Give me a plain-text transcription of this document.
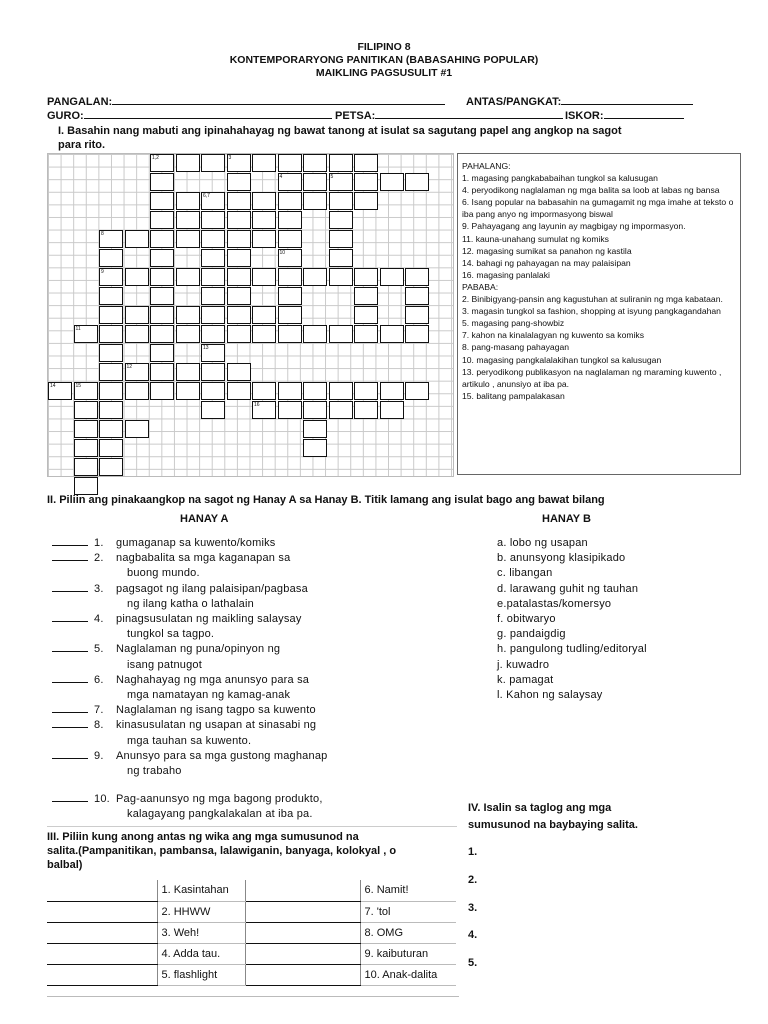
FILIPINO 8
KONTEMPORARYONG PANITIKAN (BABASAHING POPULAR)
MAIKLING PAGSUSULIT #1
PANGALAN:	ANTAS/PANGKAT:
GURO:	PETSA:	ISKOR:
I. Basahin nang mabuti ang ipinahahayag ng bawat tanong at isulat sa sagutang papel ang angkop na sagot
para rito.
1,2	3
4	5
6,7
8
9
10
11
12
13
14	15
16
PAHALANG:
1. magasing pangkababaihan tungkol sa kalusugan
4. peryodikong naglalaman ng mga balita sa loob at labas ng bansa
6. Isang popular na babasahin na gumagamit ng mga imahe at teksto o
iba pang anyo ng impormasyong biswal
9. Pahayagang ang layunin ay magbigay ng impormasyon.
11. kauna-unahang sumulat ng komiks
12. magasing sumikat sa panahon ng kastila
14. bahagi ng pahayagan na may palaisipan
16. magasing panlalaki
PABABA:
2. Binibigyang-pansin ang kagustuhan at suliranin ng mga kabataan.
3. magasin tungkol sa fashion, shopping at isyung pangkagandahan
5. magasing pang-showbiz
7. kahon na kinalalagyan ng kuwento sa komiks
8. pang-masang pahayagan
10. magasing pangkalalakihan tungkol sa kalusugan
13. peryodikong publikasyon na naglalaman ng maraming kuwento ,
artikulo , anunsiyo at iba pa.
15. balitang pampalakasan
II. Piliin ang pinakaangkop na sagot ng Hanay A sa Hanay B. Titik lamang ang isulat bago ang bawat bilang
HANAY A	HANAY B
1. gumaganap sa kuwento/komiks
2. nagbabalita sa mga kaganapan sa
buong mundo.
3. pagsagot ng ilang palaisipan/pagbasa
ng ilang katha o lathalain
4. pinagsusulatan ng maikling salaysay
tungkol sa tagpo.
5. Naglalaman ng puna/opinyon ng
isang patnugot
6. Naghahayag ng mga anunsyo para sa
mga namatayan ng kamag-anak
7. Naglalaman ng isang tagpo sa kuwento
8. kinasusulatan ng usapan at sinasabi ng
mga tauhan sa kuwento.
9. Anunsyo para sa mga gustong maghanap
ng trabaho
10. Pag-aanunsyo ng mga bagong produkto,
kalagayang pangkalakalan at iba pa.
a. lobo ng usapan
b. anunsyong klasipikado
c. libangan
d. larawang guhit ng tauhan
e.patalastas/komersyo
f. obitwaryo
g. pandaigdig
h. pangulong tudling/editoryal
j. kuwadro
k. pamagat
l. Kahon ng salaysay
III. Piliin kung anong antas ng wika ang mga sumusunod na
salita.(Pampanitikan, pambansa, lalawiganin, banyaga, kolokyal , o
balbal)
	1. Kasintahan		6. Namit!
	2. HHWW		7. 'tol
	3. Weh!		8. OMG
	4. Adda tau.		9. kaibuturan
	5. flashlight		10. Anak-dalita
IV. Isalin sa taglog ang mga
sumusunod na baybaying salita.
1.
2.
3.
4.
5.
